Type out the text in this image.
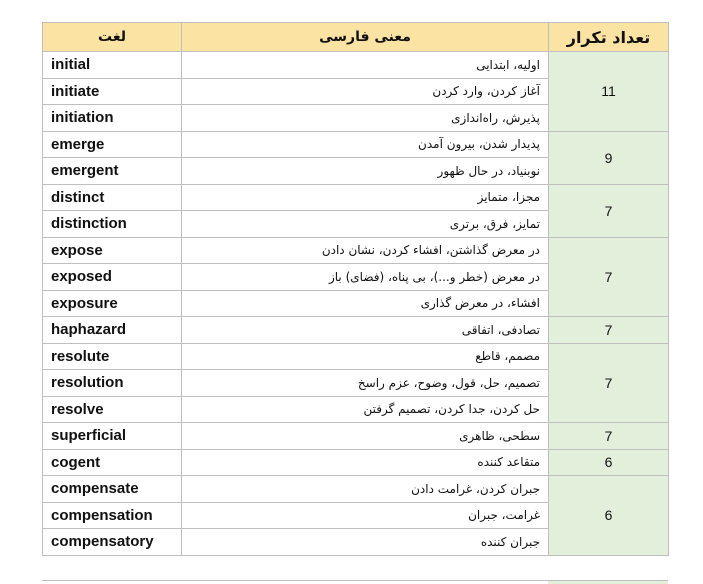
لغت	معنی فارسی	تعداد تکرار
initial	اولیه، ابتدایی	11
initiate	آغاز کردن، وارد کردن	
initiation	پذیرش، راه‌اندازی	
emerge	پدیدار شدن، بیرون آمدن	9
emergent	نوبنیاد، در حال ظهور	
distinct	مجزا، متمایز	7
distinction	تمایز، فرق، برتری	
expose	در معرض گذاشتن، افشاء کردن، نشان دادن	7
exposed	در معرض (خطر و...)، بی پناه، (فضای) باز	
exposure	افشاء، در معرض گذاری	
haphazard	تصادفی، اتفاقی	7
resolute	مصمم، قاطع	7
resolution	تصمیم، حل، قول، وضوح، عزم راسخ	
resolve	حل کردن، جدا کردن، تصمیم گرفتن	
superficial	سطحی، ظاهری	7
cogent	متقاعد کننده	6
compensate	جبران کردن، غرامت دادن	6
compensation	غرامت، جبران	
compensatory	جبران کننده	
